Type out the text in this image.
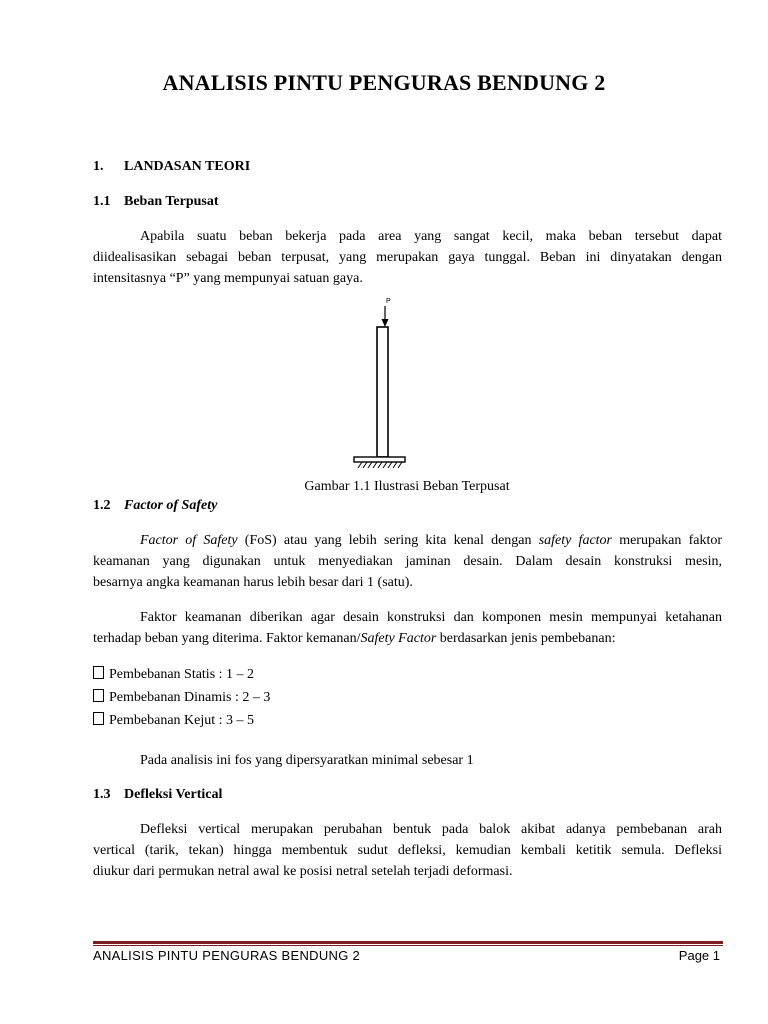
ANALISIS PINTU PENGURAS BENDUNG 2
1. LANDASAN TEORI
1.1 Beban Terpusat
Apabila suatu beban bekerja pada area yang sangat kecil, maka beban tersebut dapat
diidealisasikan sebagai beban terpusat, yang merupakan gaya tunggal. Beban ini dinyatakan dengan
intensitasnya “P” yang mempunyai satuan gaya.
P
Gambar 1.1 Ilustrasi Beban Terpusat
1.2 Factor of Safety
Factor of Safety (FoS) atau yang lebih sering kita kenal dengan safety factor merupakan faktor
keamanan yang digunakan untuk menyediakan jaminan desain. Dalam desain konstruksi mesin,
besarnya angka keamanan harus lebih besar dari 1 (satu).
Faktor keamanan diberikan agar desain konstruksi dan komponen mesin mempunyai ketahanan
terhadap beban yang diterima. Faktor kemanan/Safety Factor berdasarkan jenis pembebanan:
Pembebanan Statis : 1 – 2
Pembebanan Dinamis : 2 – 3
Pembebanan Kejut : 3 – 5
Pada analisis ini fos yang dipersyaratkan minimal sebesar 1
1.3 Defleksi Vertical
Defleksi vertical merupakan perubahan bentuk pada balok akibat adanya pembebanan arah
vertical (tarik, tekan) hingga membentuk sudut defleksi, kemudian kembali ketitik semula. Defleksi
diukur dari permukan netral awal ke posisi netral setelah terjadi deformasi.
ANALISIS PINTU PENGURAS BENDUNG 2	Page 1
